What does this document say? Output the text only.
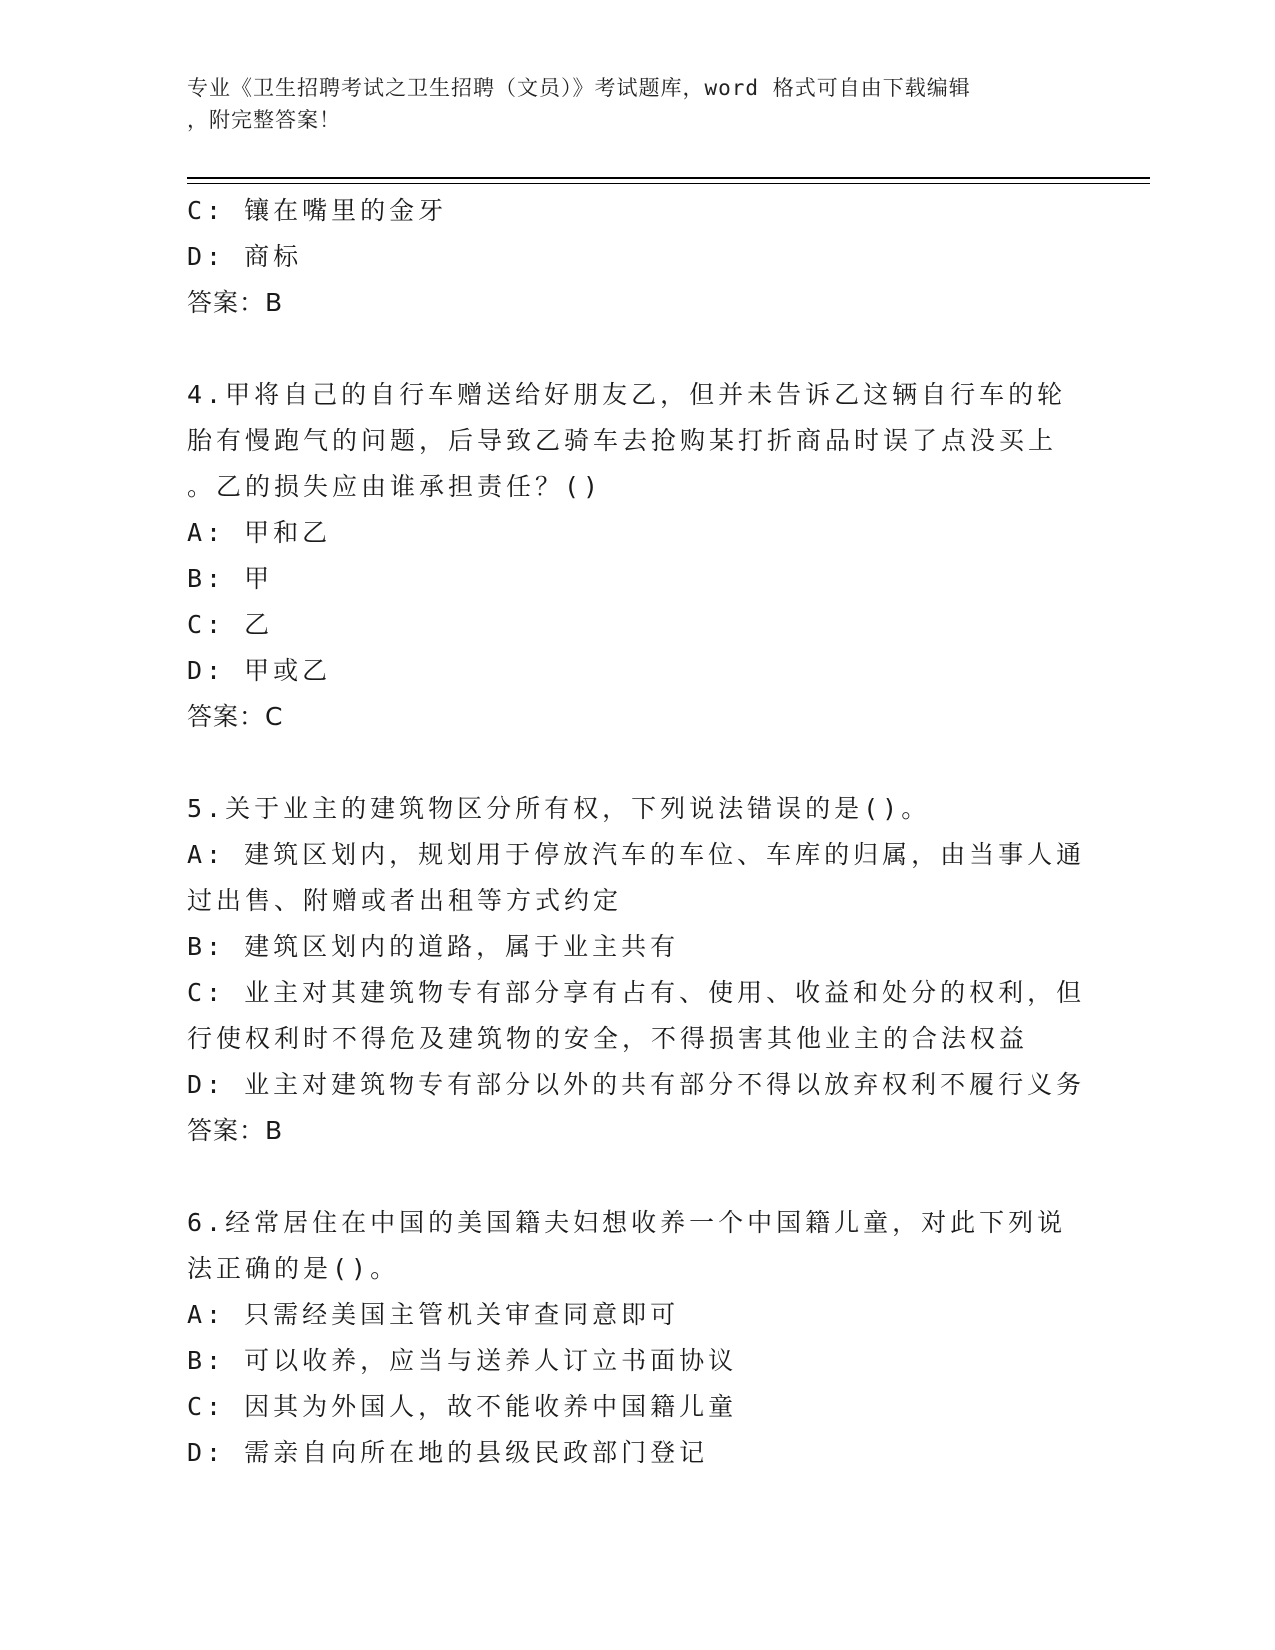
专业《卫生招聘考试之卫生招聘（文员）》考试题库，word 格式可自由下载编辑
，附完整答案！
C: 镶在嘴里的金牙
D: 商标
答案：B
4.甲将自己的自行车赠送给好朋友乙，但并未告诉乙这辆自行车的轮
胎有慢跑气的问题，后导致乙骑车去抢购某打折商品时误了点没买上
。乙的损失应由谁承担责任？()
A: 甲和乙
B: 甲
C: 乙
D: 甲或乙
答案：C
5.关于业主的建筑物区分所有权，下列说法错误的是()。
A: 建筑区划内，规划用于停放汽车的车位、车库的归属，由当事人通
过出售、附赠或者出租等方式约定
B: 建筑区划内的道路，属于业主共有
C: 业主对其建筑物专有部分享有占有、使用、收益和处分的权利，但
行使权利时不得危及建筑物的安全，不得损害其他业主的合法权益
D: 业主对建筑物专有部分以外的共有部分不得以放弃权利不履行义务
答案：B
6.经常居住在中国的美国籍夫妇想收养一个中国籍儿童，对此下列说
法正确的是()。
A: 只需经美国主管机关审查同意即可
B: 可以收养，应当与送养人订立书面协议
C: 因其为外国人，故不能收养中国籍儿童
D: 需亲自向所在地的县级民政部门登记
